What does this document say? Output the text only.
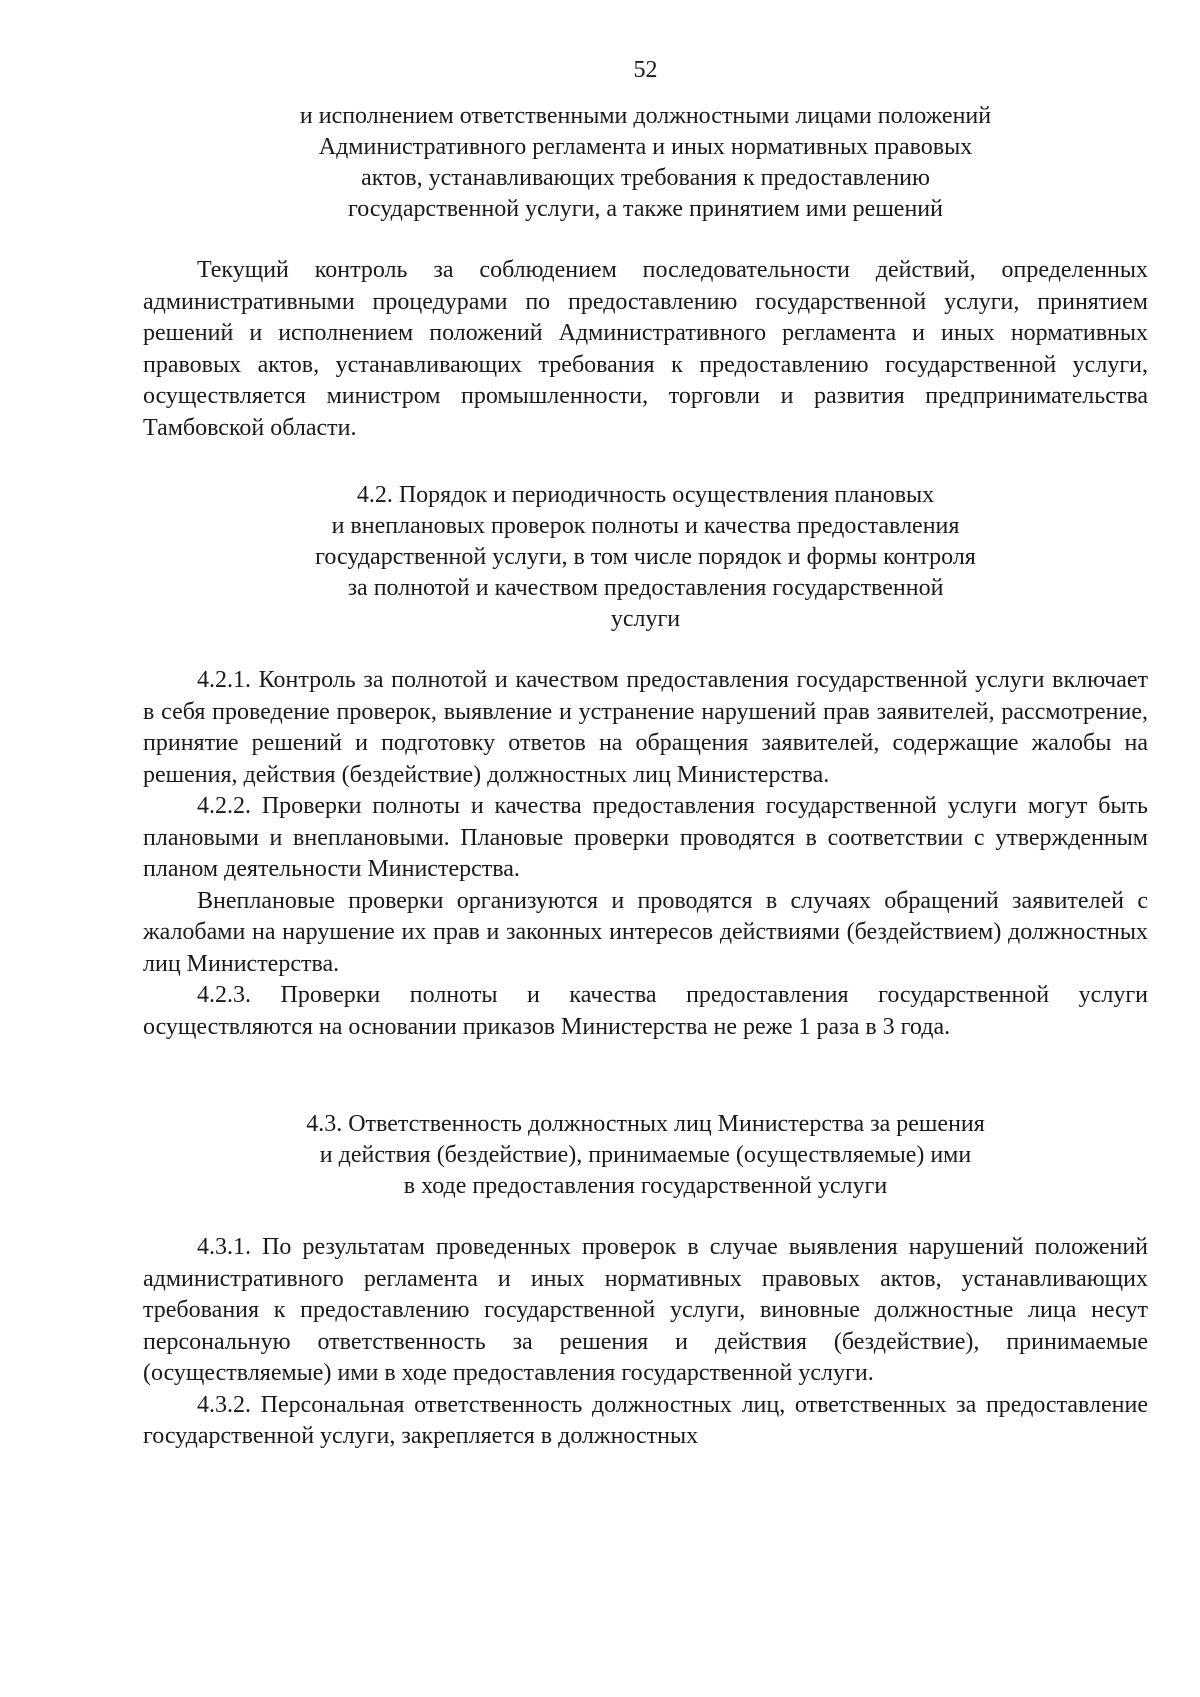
52
и исполнением ответственными должностными лицами положений
Административного регламента и иных нормативных правовых
актов, устанавливающих требования к предоставлению
государственной услуги, а также принятием ими решений

Текущий контроль за соблюдением последовательности действий, определенных административными процедурами по предоставлению государственной услуги, принятием решений и исполнением положений Административного регламента и иных нормативных правовых актов, устанавливающих требования к предоставлению государственной услуги, осуществляется министром промышленности, торговли и развития предпринимательства Тамбовской области.

4.2. Порядок и периодичность осуществления плановых
и внеплановых проверок полноты и качества предоставления
государственной услуги, в том числе порядок и формы контроля
за полнотой и качеством предоставления государственной
услуги

4.2.1. Контроль за полнотой и качеством предоставления государственной услуги включает в себя проведение проверок, выявление и устранение нарушений прав заявителей, рассмотрение, принятие решений и подготовку ответов на обращения заявителей, содержащие жалобы на решения, действия (бездействие) должностных лиц Министерства.

4.2.2. Проверки полноты и качества предоставления государственной услуги могут быть плановыми и внеплановыми. Плановые проверки проводятся в соответствии с утвержденным планом деятельности Министерства.

Внеплановые проверки организуются и проводятся в случаях обращений заявителей с жалобами на нарушение их прав и законных интересов действиями (бездействием) должностных лиц Министерства.

4.2.3. Проверки полноты и качества предоставления государственной услуги осуществляются на основании приказов Министерства не реже 1 раза в 3 года.

4.3. Ответственность должностных лиц Министерства за решения
и действия (бездействие), принимаемые (осуществляемые) ими
в ходе предоставления государственной услуги

4.3.1. По результатам проведенных проверок в случае выявления нарушений положений административного регламента и иных нормативных правовых актов, устанавливающих требования к предоставлению государственной услуги, виновные должностные лица несут персональную ответственность за решения и действия (бездействие), принимаемые (осуществляемые) ими в ходе предоставления государственной услуги.

4.3.2. Персональная ответственность должностных лиц, ответственных за предоставление государственной услуги, закрепляется в должностных
